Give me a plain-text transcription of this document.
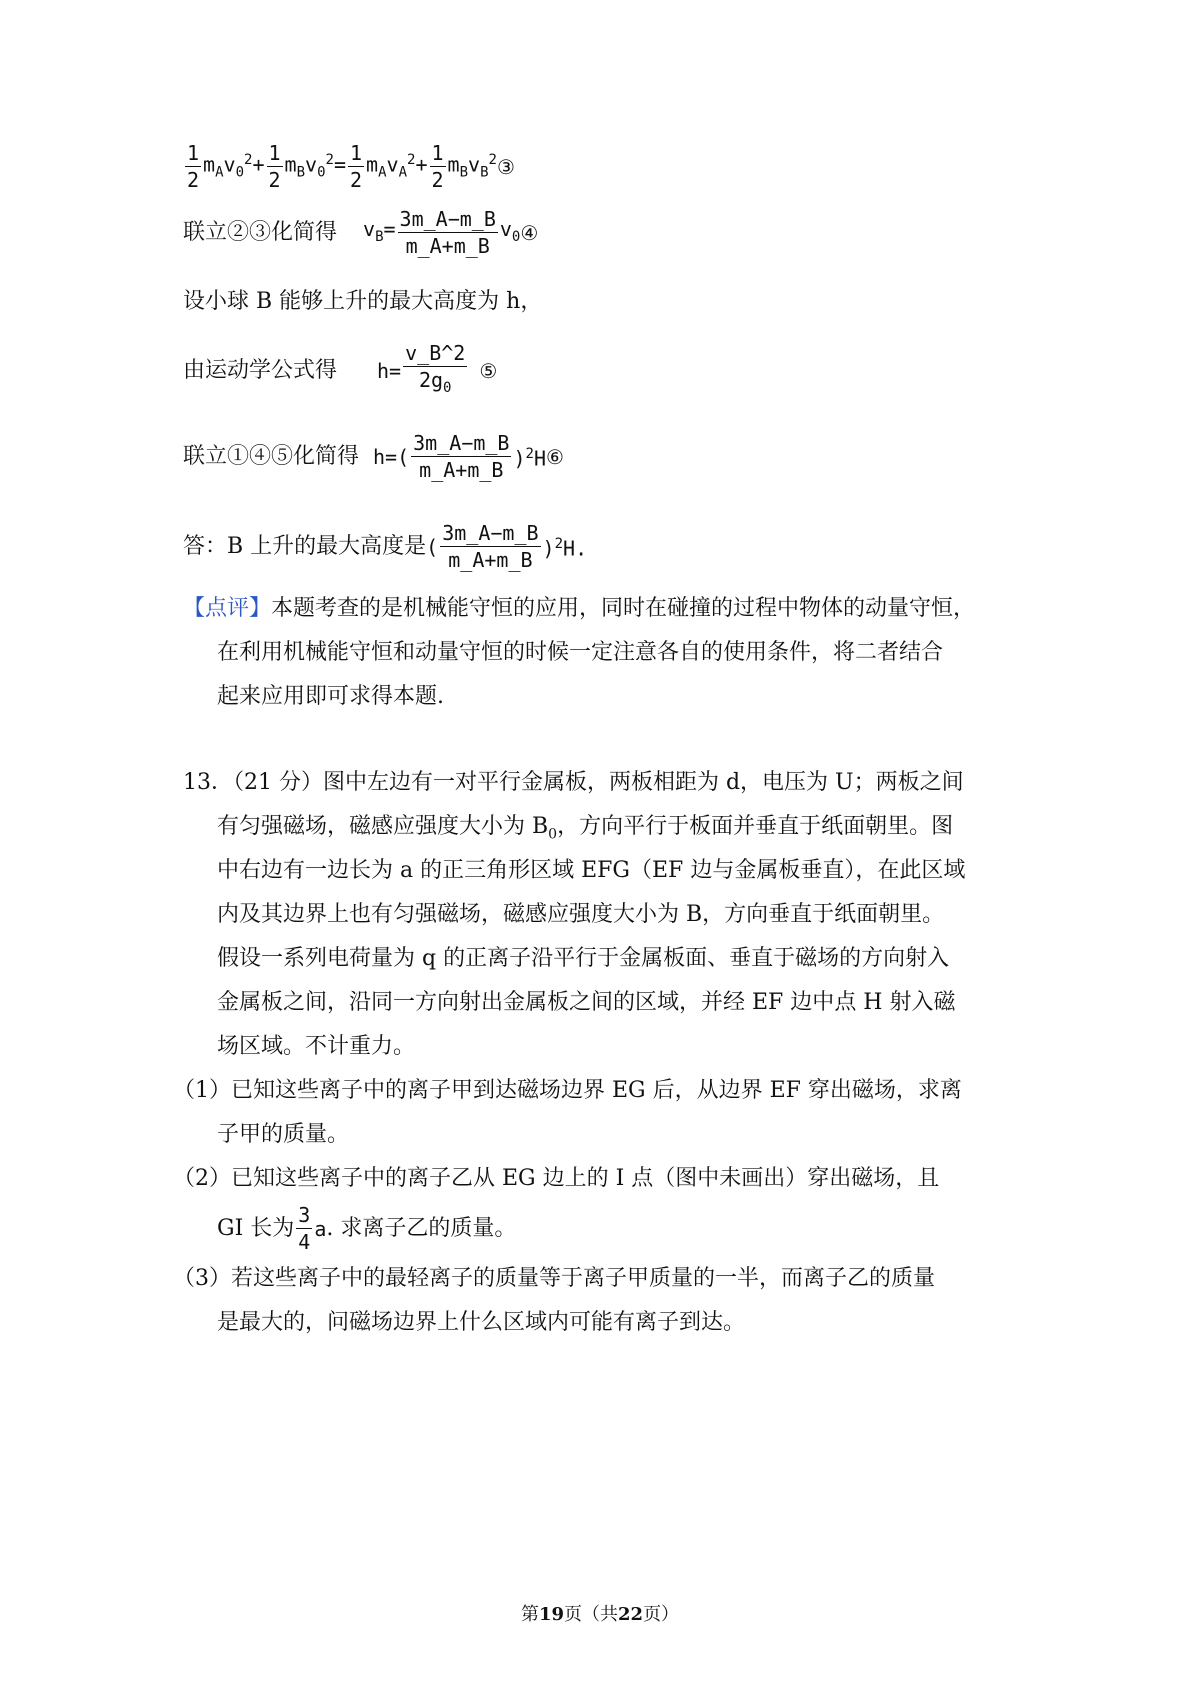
$\frac{1}{2} m_Av_0^2+ \frac{1}{2} m_Bv_0^2= \frac{1}{2} m_Av_A^2+ \frac{1}{2} m_Bv_B^2$ ③
联立②③化简得 $v_B= \frac{3m\_A-m\_B}{m\_A+m\_B} v_0$ ④
设小球 B 能够上升的最大高度为 h，
由运动学公式得 $h= \frac{v\_B\^{}2}{2g_0}$ ⑤
联立①④⑤化简得 $h=( \frac{3m\_A-m\_B}{m\_A+m\_B} )^2H$ ⑥
答：B 上升的最大高度是 ( $\frac{3m\_A-m\_B}{m\_A+m\_B} )^2H$.
【点评】本题考查的是机械能守恒的应用，同时在碰撞的过程中物体的动量守恒，
在利用机械能守恒和动量守恒的时候一定注意各自的使用条件，将二者结合
起来应用即可求得本题.
13．（21 分）图中左边有一对平行金属板，两板相距为 d，电压为 U；两板之间
有匀强磁场，磁感应强度大小为 $B_0$，方向平行于板面并垂直于纸面朝里。图
中右边有一边长为 a 的正三角形区域 EFG（EF 边与金属板垂直），在此区域
内及其边界上也有匀强磁场，磁感应强度大小为 B，方向垂直于纸面朝里。
假设一系列电荷量为 q 的正离子沿平行于金属板面、垂直于磁场的方向射入
金属板之间，沿同一方向射出金属板之间的区域，并经 EF 边中点 H 射入磁
场区域。不计重力。
（1）已知这些离子中的离子甲到达磁场边界 EG 后，从边界 EF 穿出磁场，求离
子甲的质量。
（2）已知这些离子中的离子乙从 EG 边上的 I 点（图中未画出）穿出磁场，且
GI 长为 $\frac{3}{4}$ a . 求离子乙的质量。
（3）若这些离子中的最轻离子的质量等于离子甲质量的一半，而离子乙的质量
是最大的，问磁场边界上什么区域内可能有离子到达。
第19页（共22页）
